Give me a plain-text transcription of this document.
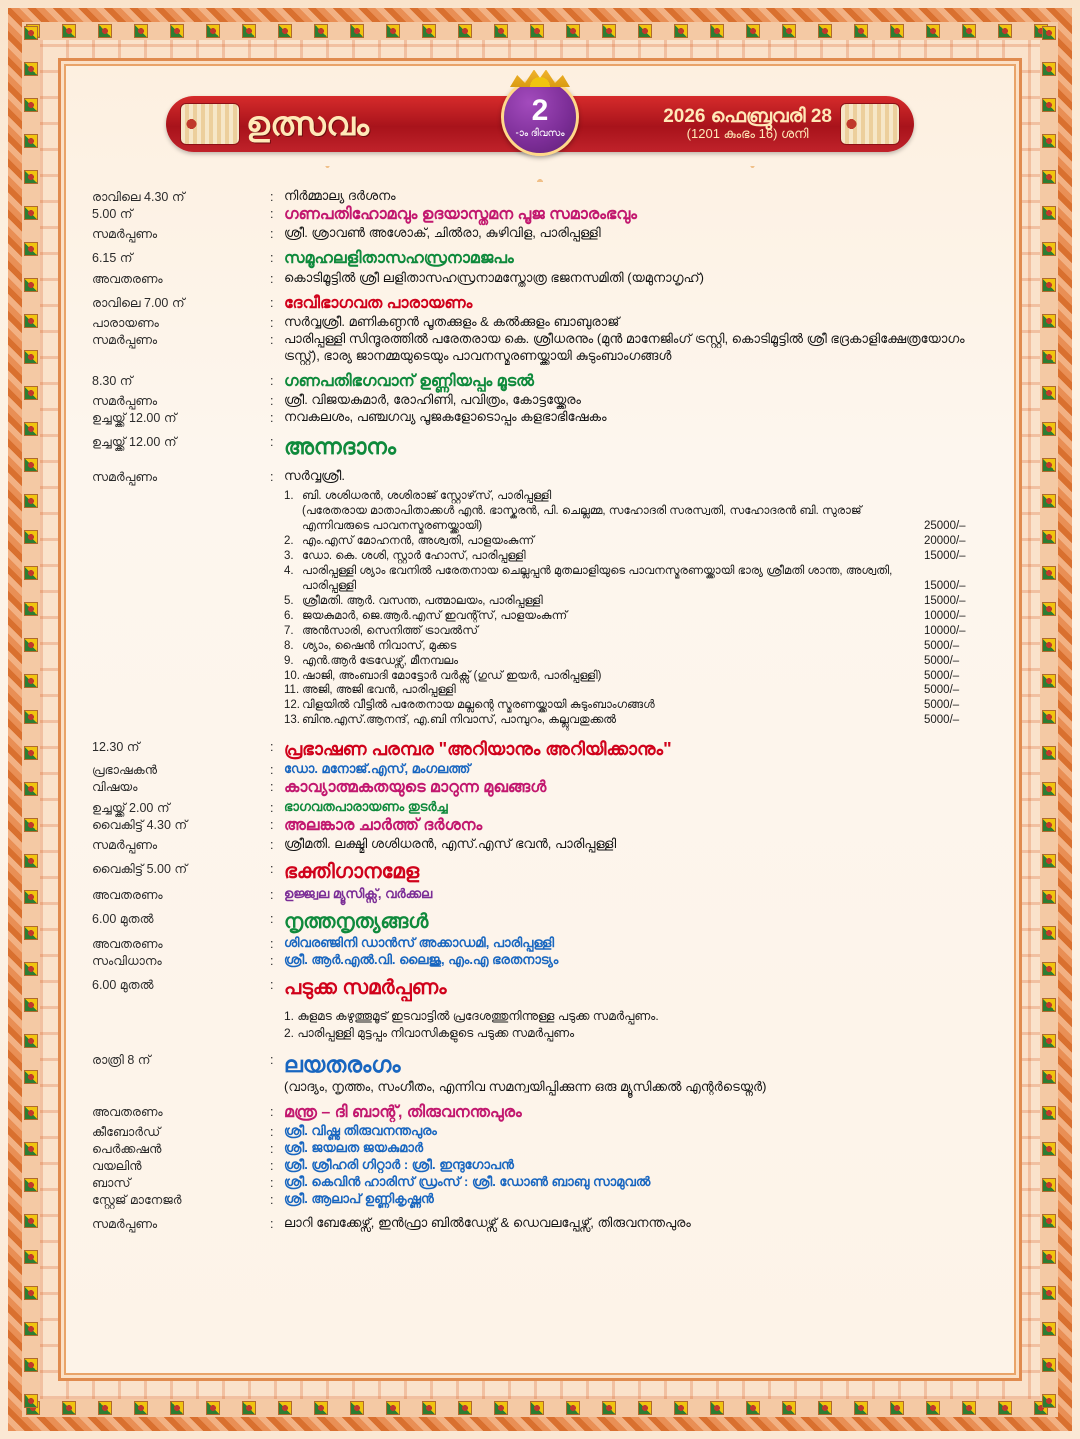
ഉത്സവം	2026 ഫെബ്രുവരി 28
(1201 കുംഭം 16) ശനി
2
-ാം ദിവസം
രാവിലെ 4.30 ന്	: നിർമ്മാല്യ ദർശനം
5.00 ന്	: ഗണപതിഹോമവും ഉദയാസ്തമന പൂജ സമാരംഭവും
സമർപ്പണം	: ശ്രീ. ശ്രാവൺ അശോക്, ചിൽരാ, കുഴിവിള, പാരിപ്പള്ളി
6.15 ന്	: സമൂഹലളിതാസഹസ്രനാമജപം
അവതരണം	: കൊടിമൂട്ടിൽ ശ്രീ ലളിതാസഹസ്രനാമസ്തോത്ര ഭജനസമിതി (യമുനാഗൃഹ്)
രാവിലെ 7.00 ന്	: ദേവീഭാഗവത പാരായണം
പാരായണം	: സർവ്വശ്രീ. മണികണ്ഠൻ പൂതക്കുളം & കൽക്കുളം ബാബുരാജ്
സമർപ്പണം	: പാരിപ്പള്ളി സിന്ദൂരത്തിൽ പരേതരായ കെ. ശ്രീധരനും (മുൻ മാനേജിംഗ് ട്രസ്റ്റി, കൊടിമൂട്ടിൽ ശ്രീ ഭദ്രകാളിക്ഷേത്രയോഗം ട്രസ്റ്റ്), ഭാര്യ ജാനമ്മയുടെയും പാവനസ്മരണയ്ക്കായി കുടുംബാംഗങ്ങൾ
8.30 ന്	: ഗണപതിഭഗവാന് ഉണ്ണിയപ്പം മൂടൽ
സമർപ്പണം	: ശ്രീ. വിജയകുമാർ, രോഹിണി, പവിത്രം, കോട്ടയ്ക്കേരം
ഉച്ചയ്ക്ക് 12.00 ന്	: നവകലശം, പഞ്ചഗവ്യ പൂജകളോടൊപ്പം കളഭാഭിഷേകം
ഉച്ചയ്ക്ക് 12.00 ന്	: അന്നദാനം
സമർപ്പണം	: സർവ്വശ്രീ.
1. ബി. ശശിധരൻ, ശശിരാജ് സ്റ്റോഴ്‌സ്, പാരിപ്പള്ളി
(പരേതരായ മാതാപിതാക്കൾ എൻ. ഭാസ്കരൻ, പി. ചെല്ലമ്മ, സഹോദരി സരസ്വതി, സഹോദരൻ ബി. സുരാജ് എന്നിവരുടെ പാവനസ്മരണയ്ക്കായി)	25000/–
2. എം.എസ് മോഹനൻ, അശ്വതി, പാളയംകുന്ന്	20000/–
3. ഡോ. കെ. ശശി, സ്റ്റാർ ഹോസ്, പാരിപ്പള്ളി	15000/–
4. പാരിപ്പള്ളി ശ്യാം ഭവനിൽ പരേതനായ ചെല്ലപ്പൻ മുതലാളിയുടെ പാവനസ്മരണയ്ക്കായി ഭാര്യ ശ്രീമതി ശാന്ത, അശ്വതി, പാരിപ്പള്ളി	15000/–
5. ശ്രീമതി. ആർ. വസന്ത, പത്മാലയം, പാരിപ്പള്ളി	15000/–
6. ജയകുമാർ, ജെ.ആർ.എസ് ഇവന്റ്സ്, പാളയംകുന്ന്	10000/–
7. അൻസാരി, സെനിത്ത് ട്രാവൽസ്	10000/–
8. ശ്യാം, ഷൈൻ നിവാസ്, മുക്കട	5000/–
9. എൻ.ആർ ട്രേഡേഴ്സ്, മീനമ്പലം	5000/–
10. ഷാജി, അംബാദി മോട്ടോർ വർക്സ് (ഗുഡ് ഇയർ, പാരിപ്പള്ളി)	5000/–
11. അജി, അജി ഭവൻ, പാരിപ്പള്ളി	5000/–
12. വിളയിൽ വീട്ടിൽ പരേതനായ മല്ലന്റെ സ്മരണയ്ക്കായി കുടുംബാംഗങ്ങൾ	5000/–
13. ബിനു.എസ്.ആനന്ദ്, എ.ബി നിവാസ്, പാമ്പുറം, കല്ലുവതുക്കൽ	5000/–
12.30 ന്	: പ്രഭാഷണ പരമ്പര "അറിയാനും അറിയിക്കാനും"
പ്രഭാഷകൻ	: ഡോ. മനോജ്.എസ്, മംഗലത്ത്
വിഷയം	: കാവ്യാത്മകതയുടെ മാറുന്ന മുഖങ്ങൾ
ഉച്ചയ്ക്ക് 2.00 ന്	: ഭാഗവതപാരായണം തുടർച്ച
വൈകിട്ട് 4.30 ന്	: അലങ്കാര ചാർത്ത് ദർശനം
സമർപ്പണം	: ശ്രീമതി. ലക്ഷ്മി ശശിധരൻ, എസ്.എസ് ഭവൻ, പാരിപ്പള്ളി
വൈകിട്ട് 5.00 ന്	: ഭക്തിഗാനമേള
അവതരണം	: ഉജ്ജ്വല മ്യൂസിക്സ്, വർക്കല
6.00 മുതൽ	: നൃത്തനൃത്യങ്ങൾ
അവതരണം	: ശിവരഞ്ജിനി ഡാൻസ് അക്കാഡമി, പാരിപ്പള്ളി
സംവിധാനം	: ശ്രീ. ആർ.എൽ.വി. ലൈജു, എം.എ ഭരതനാട്യം
6.00 മുതൽ	: പടുക്ക സമർപ്പണം
1. കുളമട കഴുത്തൂമൂട് ഇടവാട്ടിൽ പ്രദേശത്തുനിന്നുള്ള പടുക്ക സമർപ്പണം.
2. പാരിപ്പള്ളി മുട്ടപ്പം നിവാസികളുടെ പടുക്ക സമർപ്പണം
രാത്രി 8 ന്	: ലയതരംഗം
(വാദ്യം, നൃത്തം, സംഗീതം, എന്നിവ സമന്വയിപ്പിക്കുന്ന ഒരു മ്യൂസിക്കൽ എന്റർടെയ്നർ)
അവതരണം	: മന്ത്ര – ദി ബാന്റ്, തിരുവനന്തപുരം
കീബോർഡ്	: ശ്രീ. വിഷ്ണു തിരുവനന്തപുരം
പെർക്കഷൻ	: ശ്രീ. ജയലത ജയകുമാർ
വയലിൻ	: ശ്രീ. ശ്രീഹരി ഗിറ്റാർ : ശ്രീ. ഇന്ദുഗോപൻ
ബാസ്	: ശ്രീ. കെവിൻ ഹാരിസ് ഡ്രംസ് : ശ്രീ. ഡോൺ ബാബു സാമുവൽ
സ്റ്റേജ് മാനേജർ	: ശ്രീ. ആലാപ് ഉണ്ണികൃഷ്ണൻ
സമർപ്പണം	: ലാറി ബേക്കേഴ്സ്, ഇൻഫ്രാ ബിൽഡേഴ്സ് & ഡെവലപ്പേഴ്സ്, തിരുവനന്തപുരം
